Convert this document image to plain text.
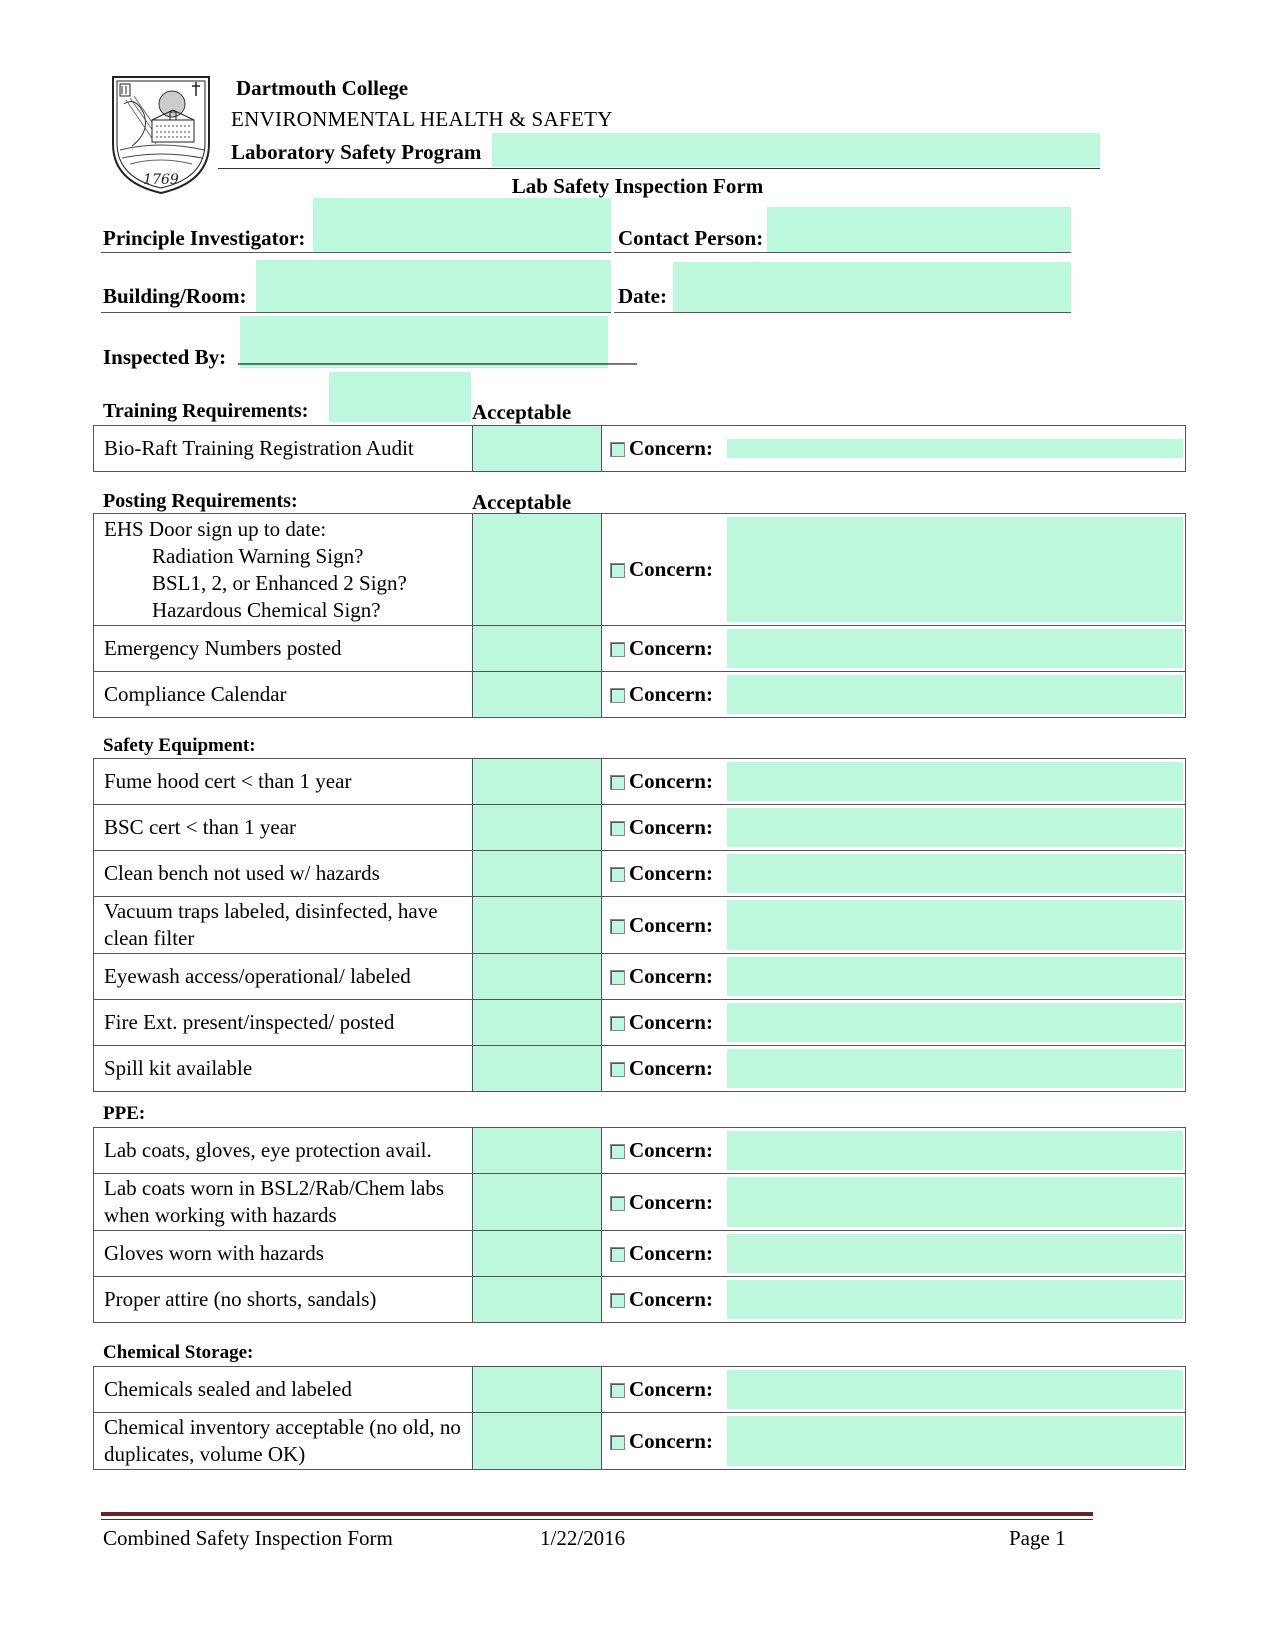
1769
Dartmouth College
ENVIRONMENTAL HEALTH & SAFETY
Laboratory Safety Program
Lab Safety Inspection Form
Principle Investigator:	Contact Person:
Building/Room:	Date:
Inspected By: ______________________________________
Training Requirements:	Acceptable
Bio-Raft Training Registration Audit		Concern:
Posting Requirements:	Acceptable
EHS Door sign up to date:
Radiation Warning Sign?
BSL1, 2, or Enhanced 2 Sign?
Hazardous Chemical Sign?		Concern:

Emergency Numbers posted		Concern:

Compliance Calendar		Concern:
Safety Equipment:
Fume hood cert < than 1 year		Concern:

BSC cert < than 1 year		Concern:

Clean bench not used w/ hazards		Concern:

Vacuum traps labeled, disinfected, have clean filter		Concern:

Eyewash access/operational/ labeled		Concern:

Fire Ext. present/inspected/ posted		Concern:

Spill kit available		Concern:
PPE:
Lab coats, gloves, eye protection avail.		Concern:

Lab coats worn in BSL2/Rab/Chem labs when working with hazards		Concern:

Gloves worn with hazards		Concern:

Proper attire (no shorts, sandals)		Concern:
Chemical Storage:
Chemicals sealed and labeled		Concern:

Chemical inventory acceptable (no old, no duplicates, volume OK)		Concern:
Combined Safety Inspection Form	1/22/2016	Page 1
